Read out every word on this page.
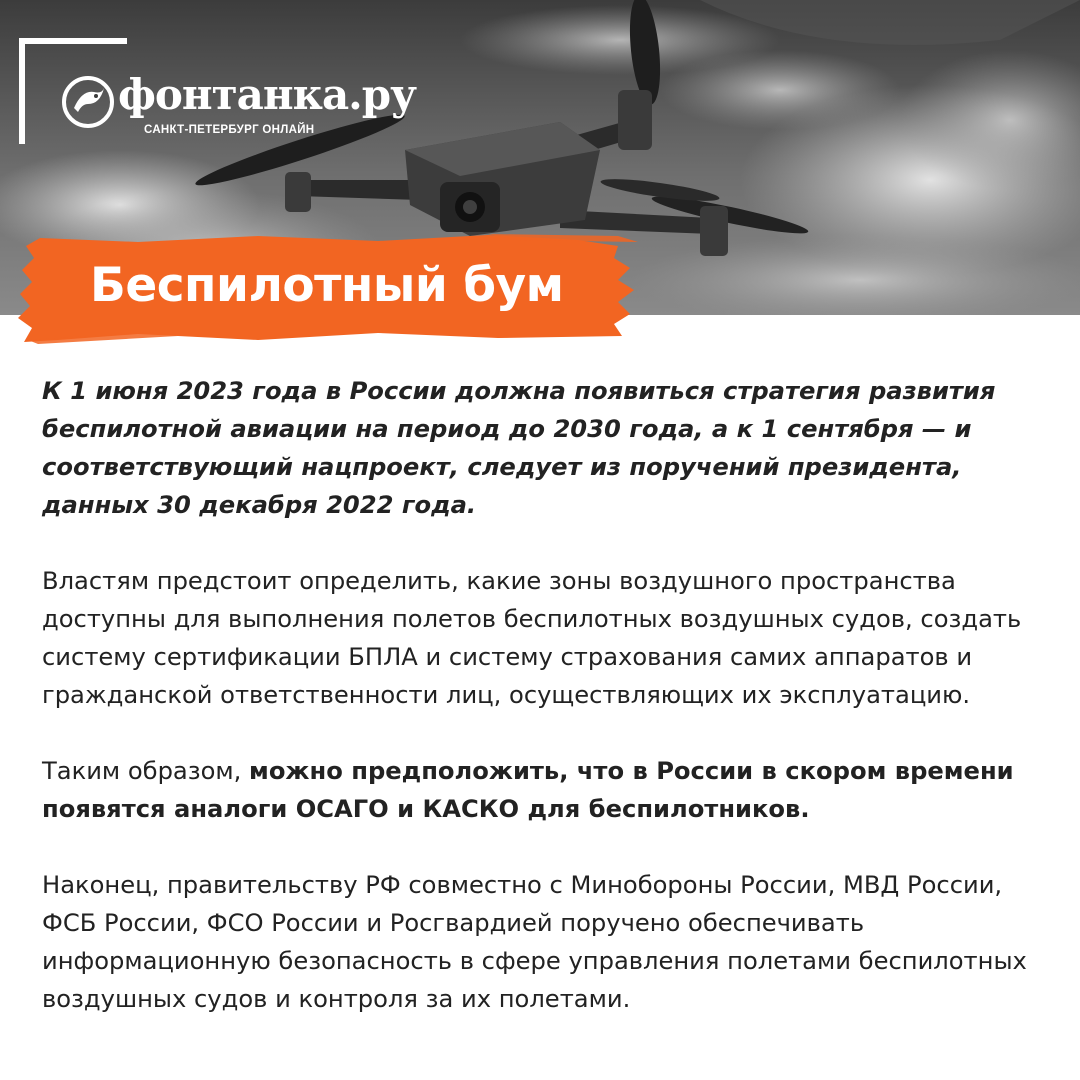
фонтанка.ру
САНКТ-ПЕТЕРБУРГ ОНЛАЙН
Беспилотный бум

К 1 июня 2023 года в России должна появиться стратегия развития беспилотной авиации на период до 2030 года, а к 1 сентября — и соответствующий нацпроект, следует из поручений президента, данных 30 декабря 2022 года.

Властям предстоит определить, какие зоны воздушного пространства доступны для выполнения полетов беспилотных воздушных судов, создать систему сертификации БПЛА и систему страхования самих аппаратов и гражданской ответственности лиц, осуществляющих их эксплуатацию.

Таким образом, можно предположить, что в России в скором времени появятся аналоги ОСАГО и КАСКО для беспилотников.

Наконец, правительству РФ совместно с Минобороны России, МВД России, ФСБ России, ФСО России и Росгвардией поручено обеспечивать информационную безопасность в сфере управления полетами беспилотных воздушных судов и контроля за их полетами.
